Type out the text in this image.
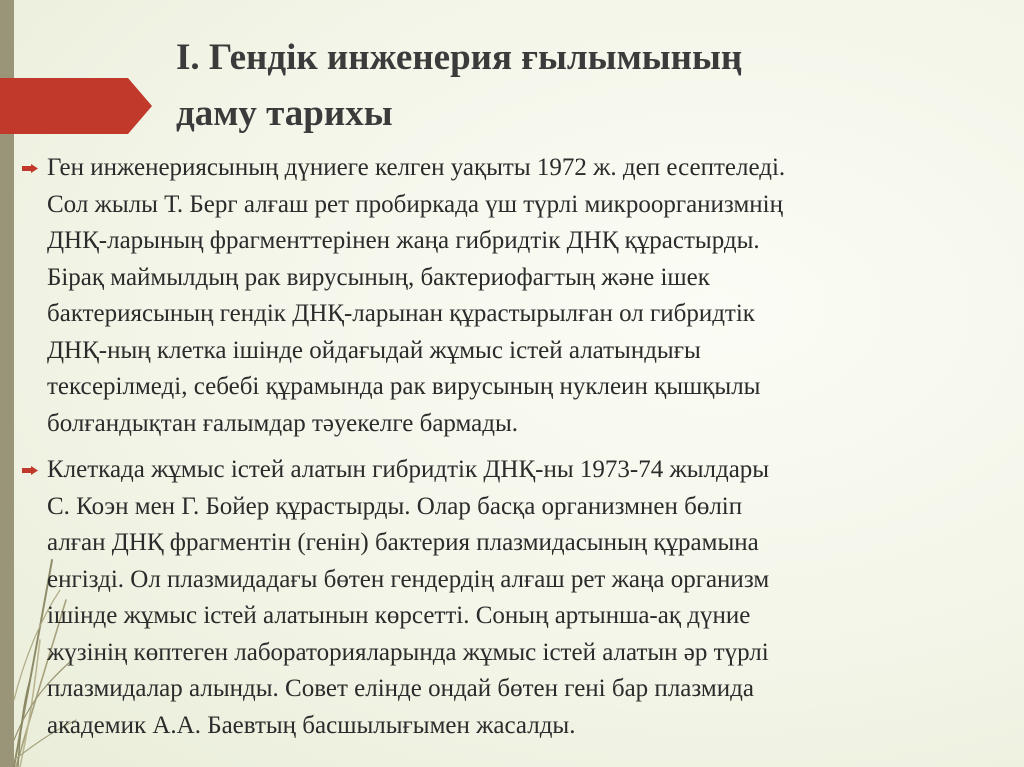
I. Гендік инженерия ғылымының
даму тарихы
Ген инженериясының дүниеге келген уақыты 1972 ж. деп есептеледі.
Сол жылы Т. Берг алғаш рет пробиркада үш түрлі микроорганизмнің
ДНҚ-ларының фрагменттерінен жаңа гибридтік ДНҚ құрастырды.
Бірақ маймылдың рак вирусының, бактериофагтың және ішек
бактериясының гендік ДНҚ-ларынан құрастырылған ол гибридтік
ДНҚ-ның клетка ішінде ойдағыдай жұмыс істей алатындығы
тексерілмеді, себебі құрамында рак вирусының нуклеин қышқылы
болғандықтан ғалымдар тәуекелге бармады.
Клеткада жұмыс істей алатын гибридтік ДНҚ-ны 1973-74 жылдары
С. Коэн мен Г. Бойер құрастырды. Олар басқа организмнен бөліп
алған ДНҚ фрагментін (генін) бактерия плазмидасының құрамына
енгізді. Ол плазмидадағы бөтен гендердің алғаш рет жаңа организм
ішінде жұмыс істей алатынын көрсетті. Соның артынша-ақ дүние
жүзінің көптеген лабораторияларында жұмыс істей алатын әр түрлі
плазмидалар алынды. Совет елінде ондай бөтен гені бар плазмида
академик А.А. Баевтың басшылығымен жасалды.
